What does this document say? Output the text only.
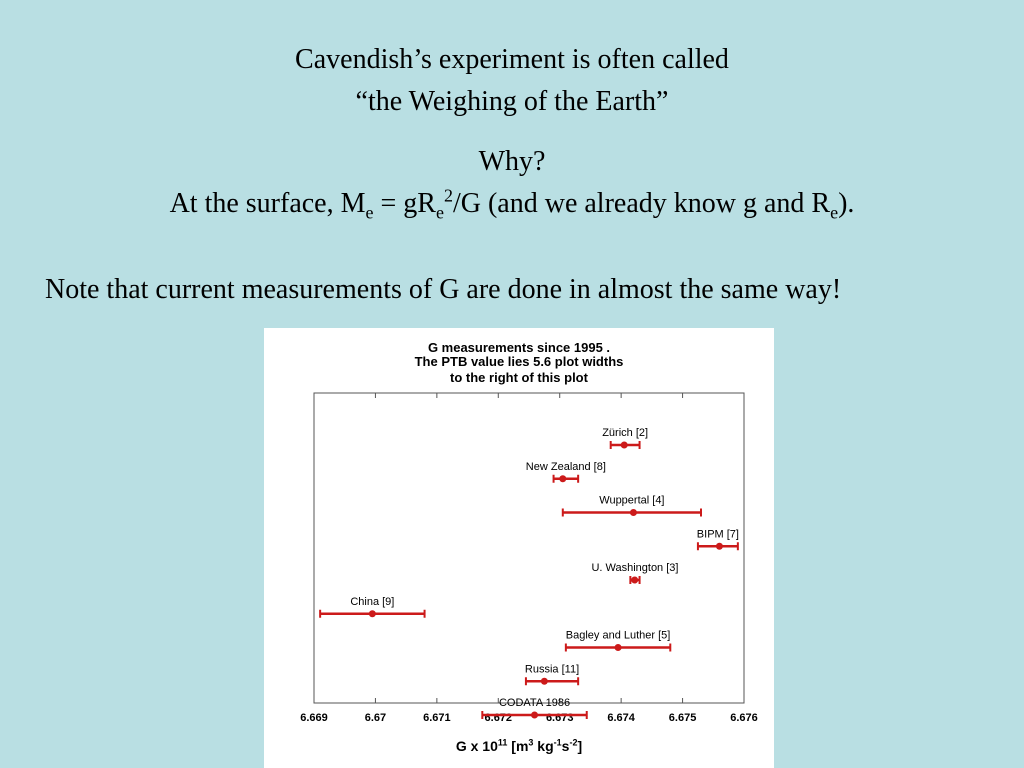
Cavendish’s experiment is often called
“the Weighing of the Earth”
Why?
At the surface, $M_e = gR_e^2/G$ (and we already know g and $R_e$).
Note that current measurements of G are done in almost the same way!
G measurements since 1995 .
The PTB value lies 5.6 plot widths
to the right of this plot
6.669	6.67	6.671	6.672	6.673	6.674	6.675	6.676
Zürich [2]
New Zealand [8]
Wuppertal [4]
BIPM [7]
U. Washington [3]
China [9]
Bagley and Luther [5]
Russia [11]
CODATA 1986
G x $10^{11}$ [$m^3$ $kg^{-1}s^{-2}$]
